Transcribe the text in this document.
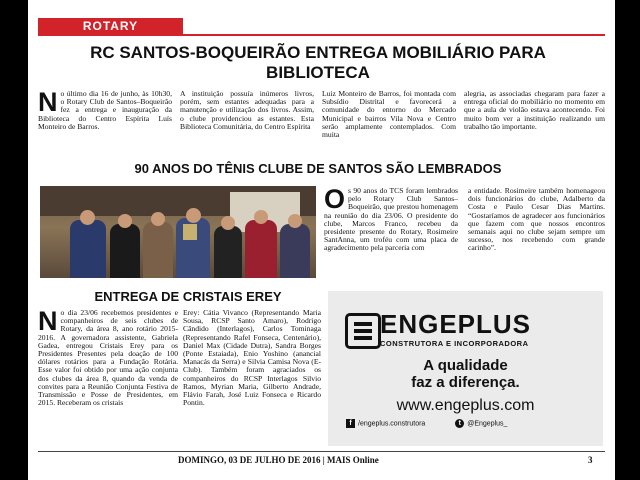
ROTARY
RC SANTOS-BOQUEIRÃO ENTREGA MOBILIÁRIO PARA BIBLIOTECA
No último dia 16 de junho, às 10h30, o Rotary Club de Santos–Boqueirão fez a entrega e inauguração da Biblioteca do Centro Espírita Luís Monteiro de Barros.
A instituição possuía inúmeros livros, porém, sem estantes adequadas para a manutenção e utilização dos livros. Assim, o clube providenciou as estantes. Esta Biblioteca Comunitária, do Centro Espírita
Luiz Monteiro de Barros, foi montada com Subsídio Distrital e favorecerá a comunidade do entorno do Mercado Municipal e bairros Vila Nova e Centro serão amplamente contemplados. Com muita
alegria, as associadas chegaram para fazer a entrega oficial do mobiliário no momento em que a aula de violão estava acontecendo. Foi muito bom ver a instituição realizando um trabalho tão importante.
90 ANOS DO TÊNIS CLUBE DE SANTOS SÃO LEMBRADOS
Os 90 anos do TCS foram lembrados pelo Rotary Club Santos–Boqueirão, que prestou homenagem na reunião do dia 23/06. O presidente do clube, Marcos Franco, recebeu da presidente presente do Rotary, Rosimeire SantAnna, um troféu com uma placa de agradecimento pela parceria com
a entidade. Rosimeire também homenageou dois funcionários do clube, Adalberto da Costa e Paulo Cesar Dias Martins. “Gostaríamos de agradecer aos funcionários que fazem com que nossos encontros semanais aqui no clube sejam sempre um sucesso, nos recebendo com grande carinho”.
ENTREGA DE CRISTAIS EREY
No dia 23/06 recebemos presidentes e companheiros de seis clubes de Rotary, da área 8, ano rotário 2015-2016. A governadora assistente, Gabriela Gadea, entregou Cristais Erey para os Presidentes Presentes pela doação de 100 dólares rotários para a Fundação Rotária. Esse valor foi obtido por uma ação conjunta dos clubes da área 8, quando da venda de convites para a Reunião Conjunta Festiva de Transmissão e Posse de Presidentes, em 2015. Receberam os cristais
Erey: Cátia Vivanco (Representando Maria Sousa, RCSP Santo Amaro), Rodrigo Cândido (Interlagos), Carlos Tominaga (Representando Rafel Fonseca, Centenário), Daniel Max (Cidade Dutra), Sandra Borges (Ponte Estaiada), Enio Yoshino (anancial Manacás da Serra) e Silvia Camisa Nova (E-Club). Também foram agraciados os companheiros do RCSP Interlagos Silvio Ramos, Myrian Maria, Gilberto Andrade, Flávio Farah, José Luiz Fonseca e Ricardo Pontin.
ENGEPLUS
CONSTRUTORA E INCORPORADORA
A qualidade
faz a diferença.
www.engeplus.com
f /engeplus.construtora	t @Engeplus_
DOMINGO, 03 DE JULHO DE 2016 | MAIS Online	3
